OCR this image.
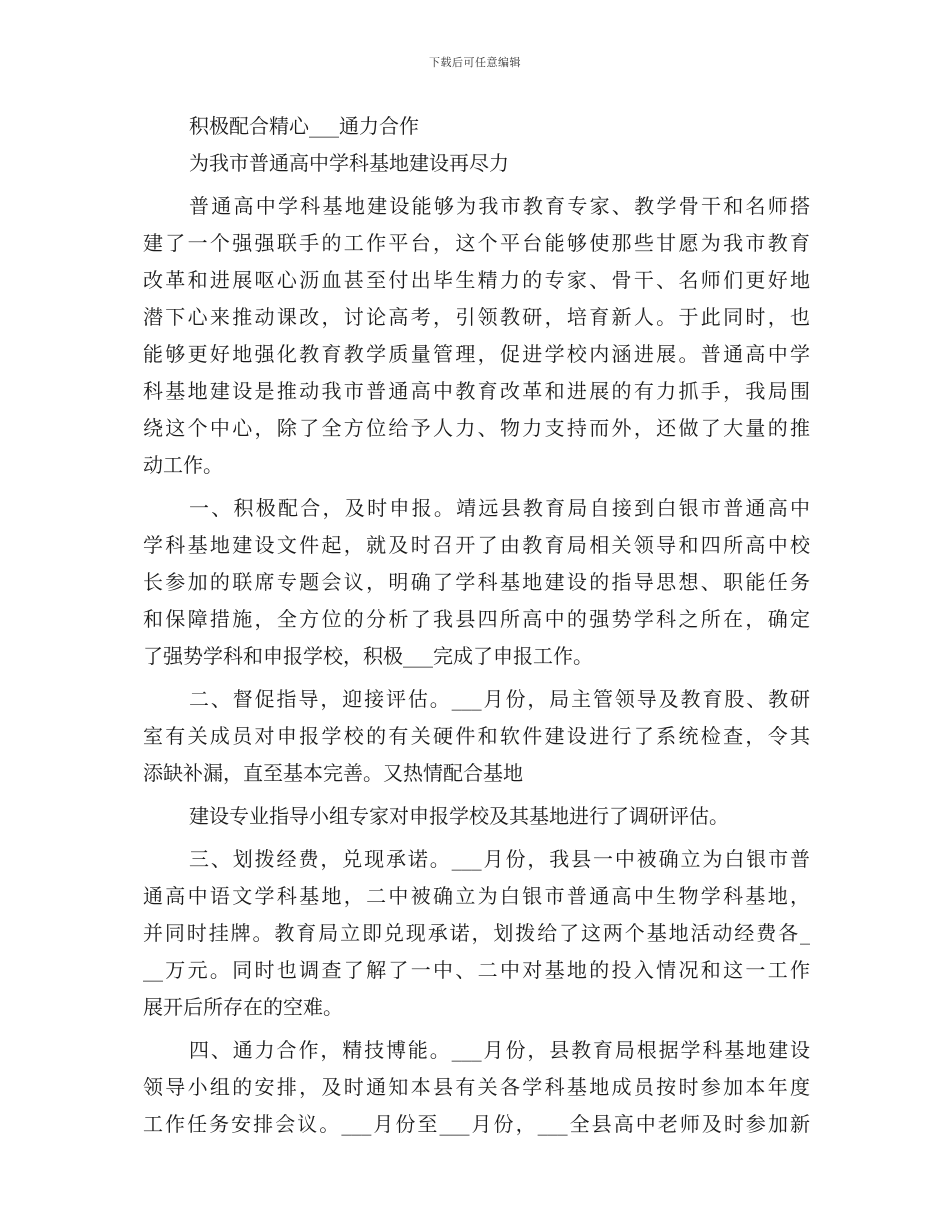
下载后可任意编辑
积极配合精心___通力合作
为我市普通高中学科基地建设再尽力
普通高中学科基地建设能够为我市教育专家、教学骨干和名师搭
建了一个强强联手的工作平台，这个平台能够使那些甘愿为我市教育
改革和进展呕心沥血甚至付出毕生精力的专家、骨干、名师们更好地
潜下心来推动课改，讨论高考，引领教研，培育新人。于此同时，也
能够更好地强化教育教学质量管理，促进学校内涵进展。普通高中学
科基地建设是推动我市普通高中教育改革和进展的有力抓手，我局围
绕这个中心，除了全方位给予人力、物力支持而外，还做了大量的推
动工作。
一、积极配合，及时申报。靖远县教育局自接到白银市普通高中
学科基地建设文件起，就及时召开了由教育局相关领导和四所高中校
长参加的联席专题会议，明确了学科基地建设的指导思想、职能任务
和保障措施，全方位的分析了我县四所高中的强势学科之所在，确定
了强势学科和申报学校，积极___完成了申报工作。
二、督促指导，迎接评估。___月份，局主管领导及教育股、教研
室有关成员对申报学校的有关硬件和软件建设进行了系统检查，令其
添缺补漏，直至基本完善。又热情配合基地
建设专业指导小组专家对申报学校及其基地进行了调研评估。
三、划拨经费，兑现承诺。___月份，我县一中被确立为白银市普
通高中语文学科基地，二中被确立为白银市普通高中生物学科基地，
并同时挂牌。教育局立即兑现承诺，划拨给了这两个基地活动经费各_
__万元。同时也调查了解了一中、二中对基地的投入情况和这一工作
展开后所存在的空难。
四、通力合作，精技博能。___月份，县教育局根据学科基地建设
领导小组的安排，及时通知本县有关各学科基地成员按时参加本年度
工作任务安排会议。___月份至___月份，___全县高中老师及时参加新
